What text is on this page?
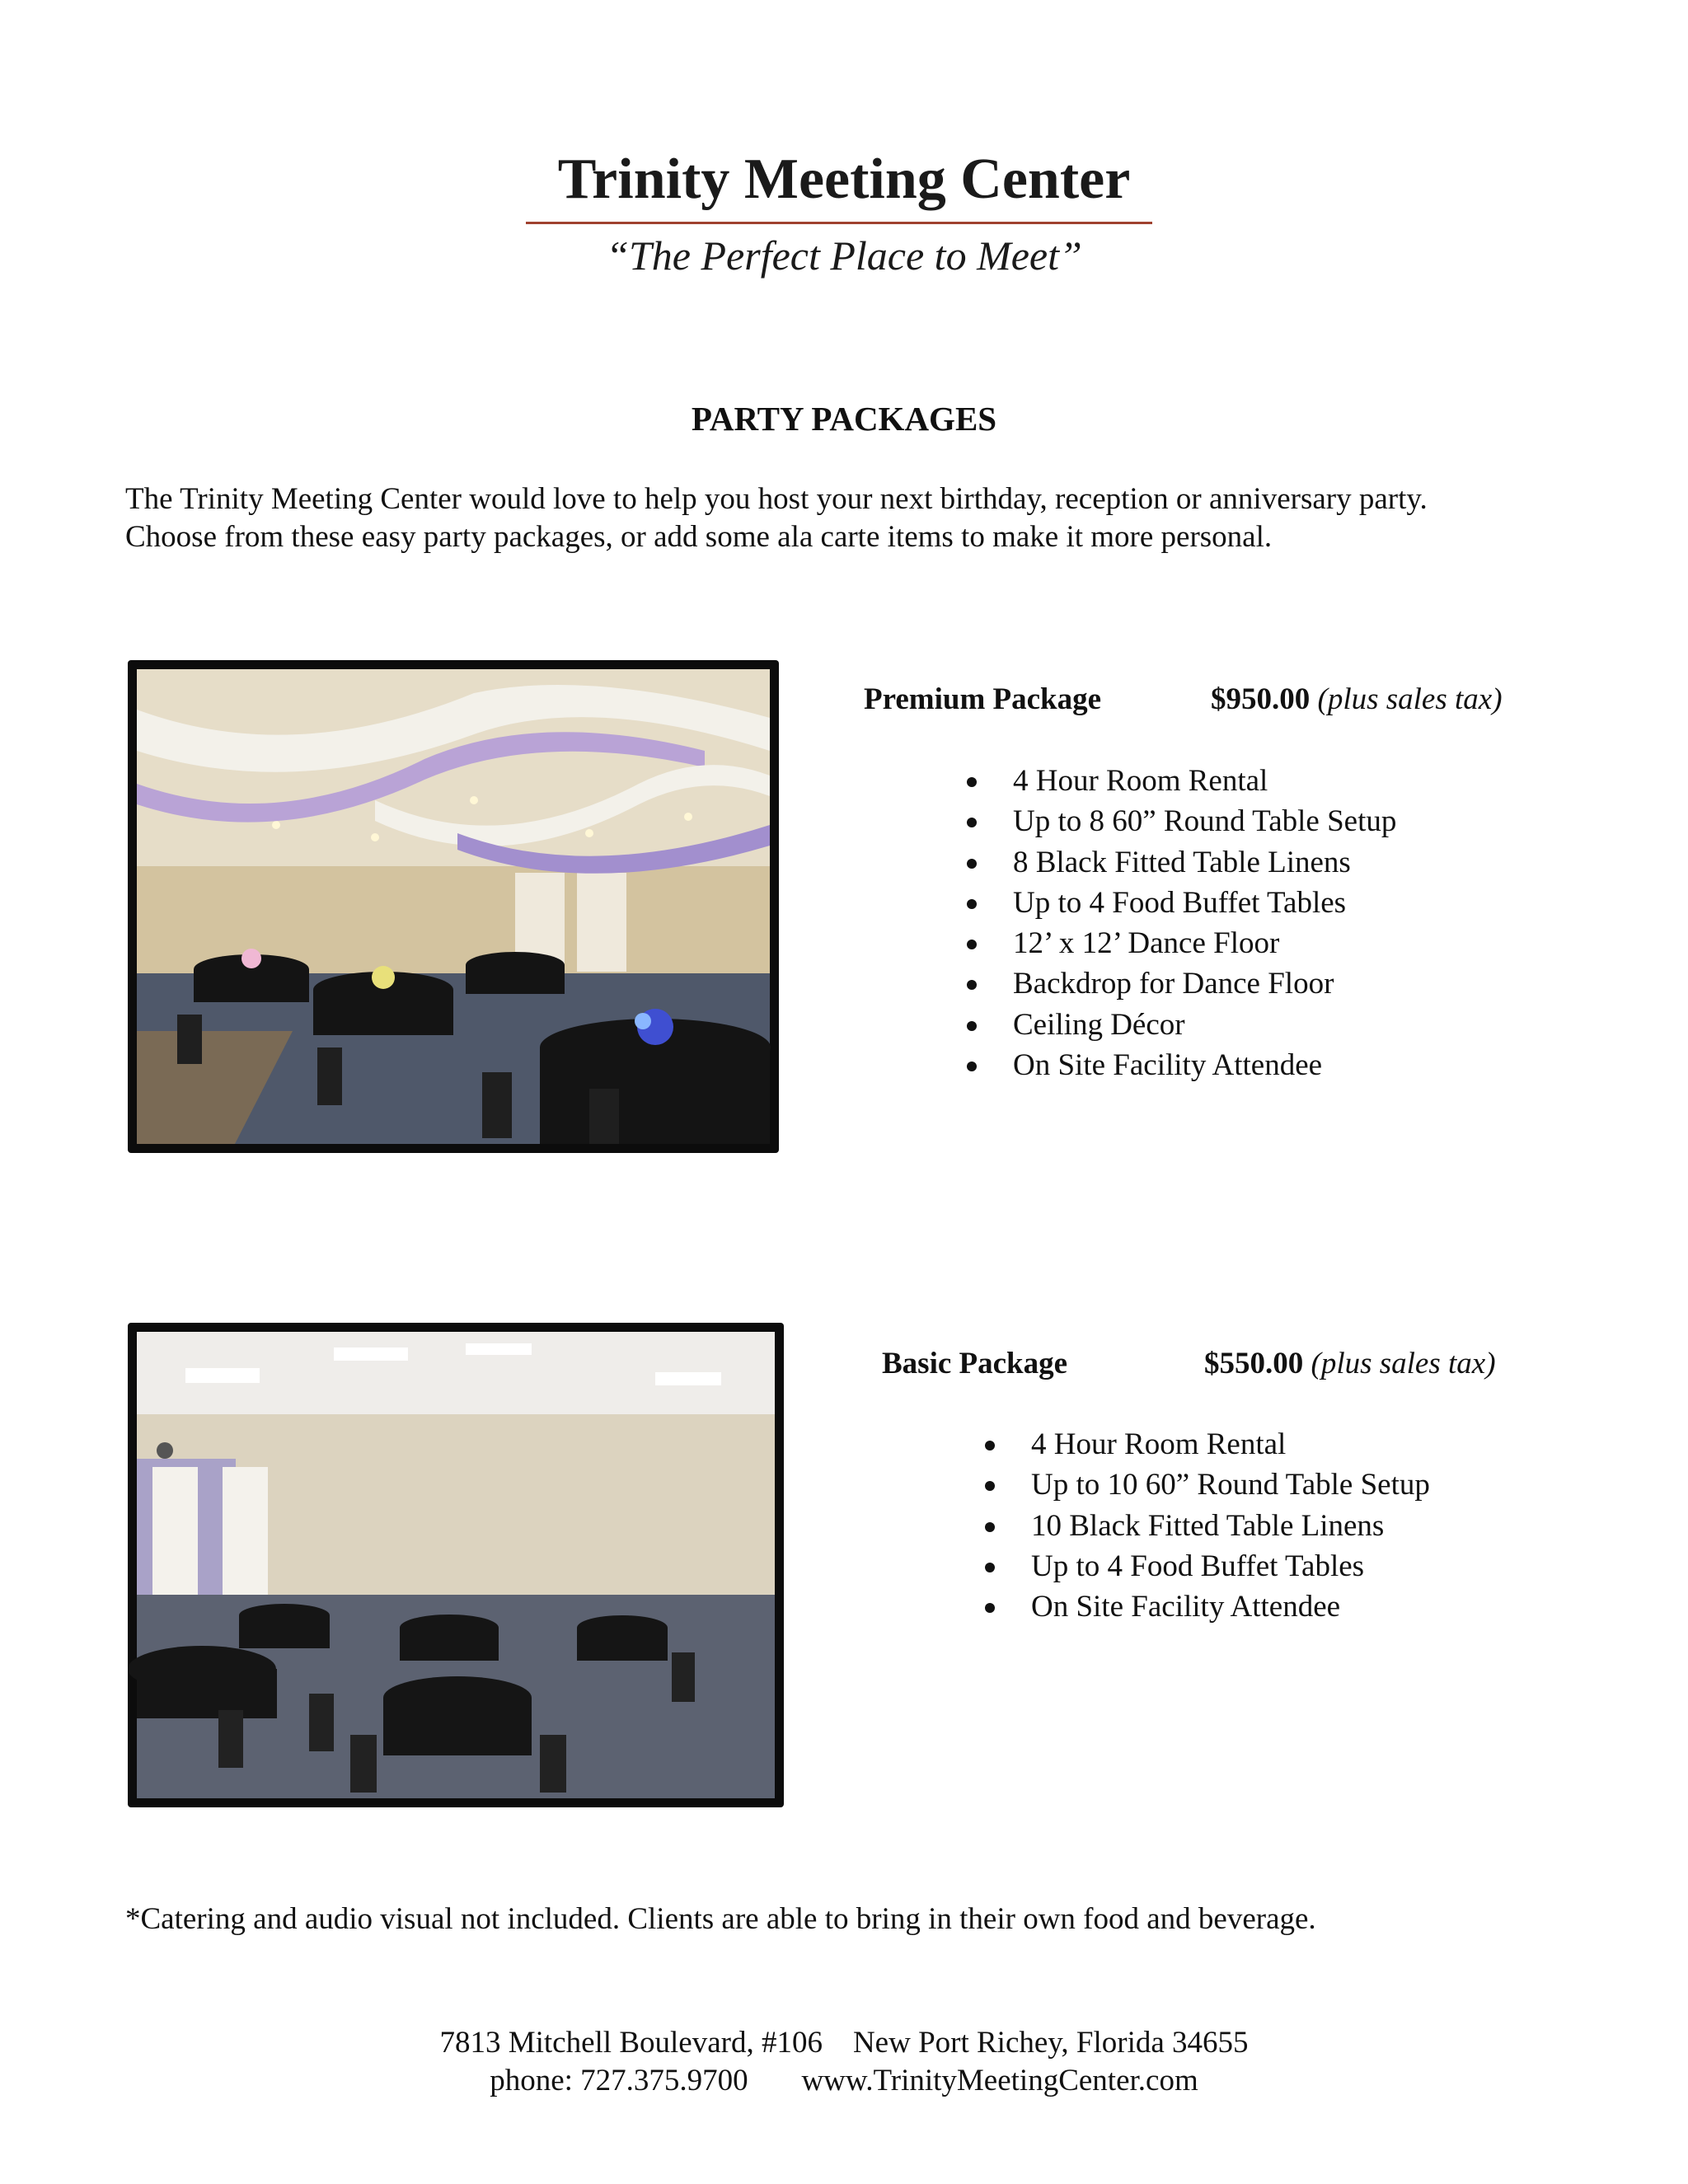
Trinity Meeting Center
“The Perfect Place to Meet”
PARTY PACKAGES
The Trinity Meeting Center would love to help you host your next birthday, reception or anniversary party.
Choose from these easy party packages, or add some ala carte items to make it more personal.
Premium Package	$950.00 (plus sales tax)
4 Hour Room Rental
Up to 8 60” Round Table Setup
8 Black Fitted Table Linens
Up to 4 Food Buffet Tables
12’ x 12’ Dance Floor
Backdrop for Dance Floor
Ceiling Décor
On Site Facility Attendee
Basic Package	$550.00 (plus sales tax)
4 Hour Room Rental
Up to 10 60” Round Table Setup
10 Black Fitted Table Linens
Up to 4 Food Buffet Tables
On Site Facility Attendee
*Catering and audio visual not included. Clients are able to bring in their own food and beverage.
7813 Mitchell Boulevard, #106 New Port Richey, Florida 34655
phone: 727.375.9700 www.TrinityMeetingCenter.com
